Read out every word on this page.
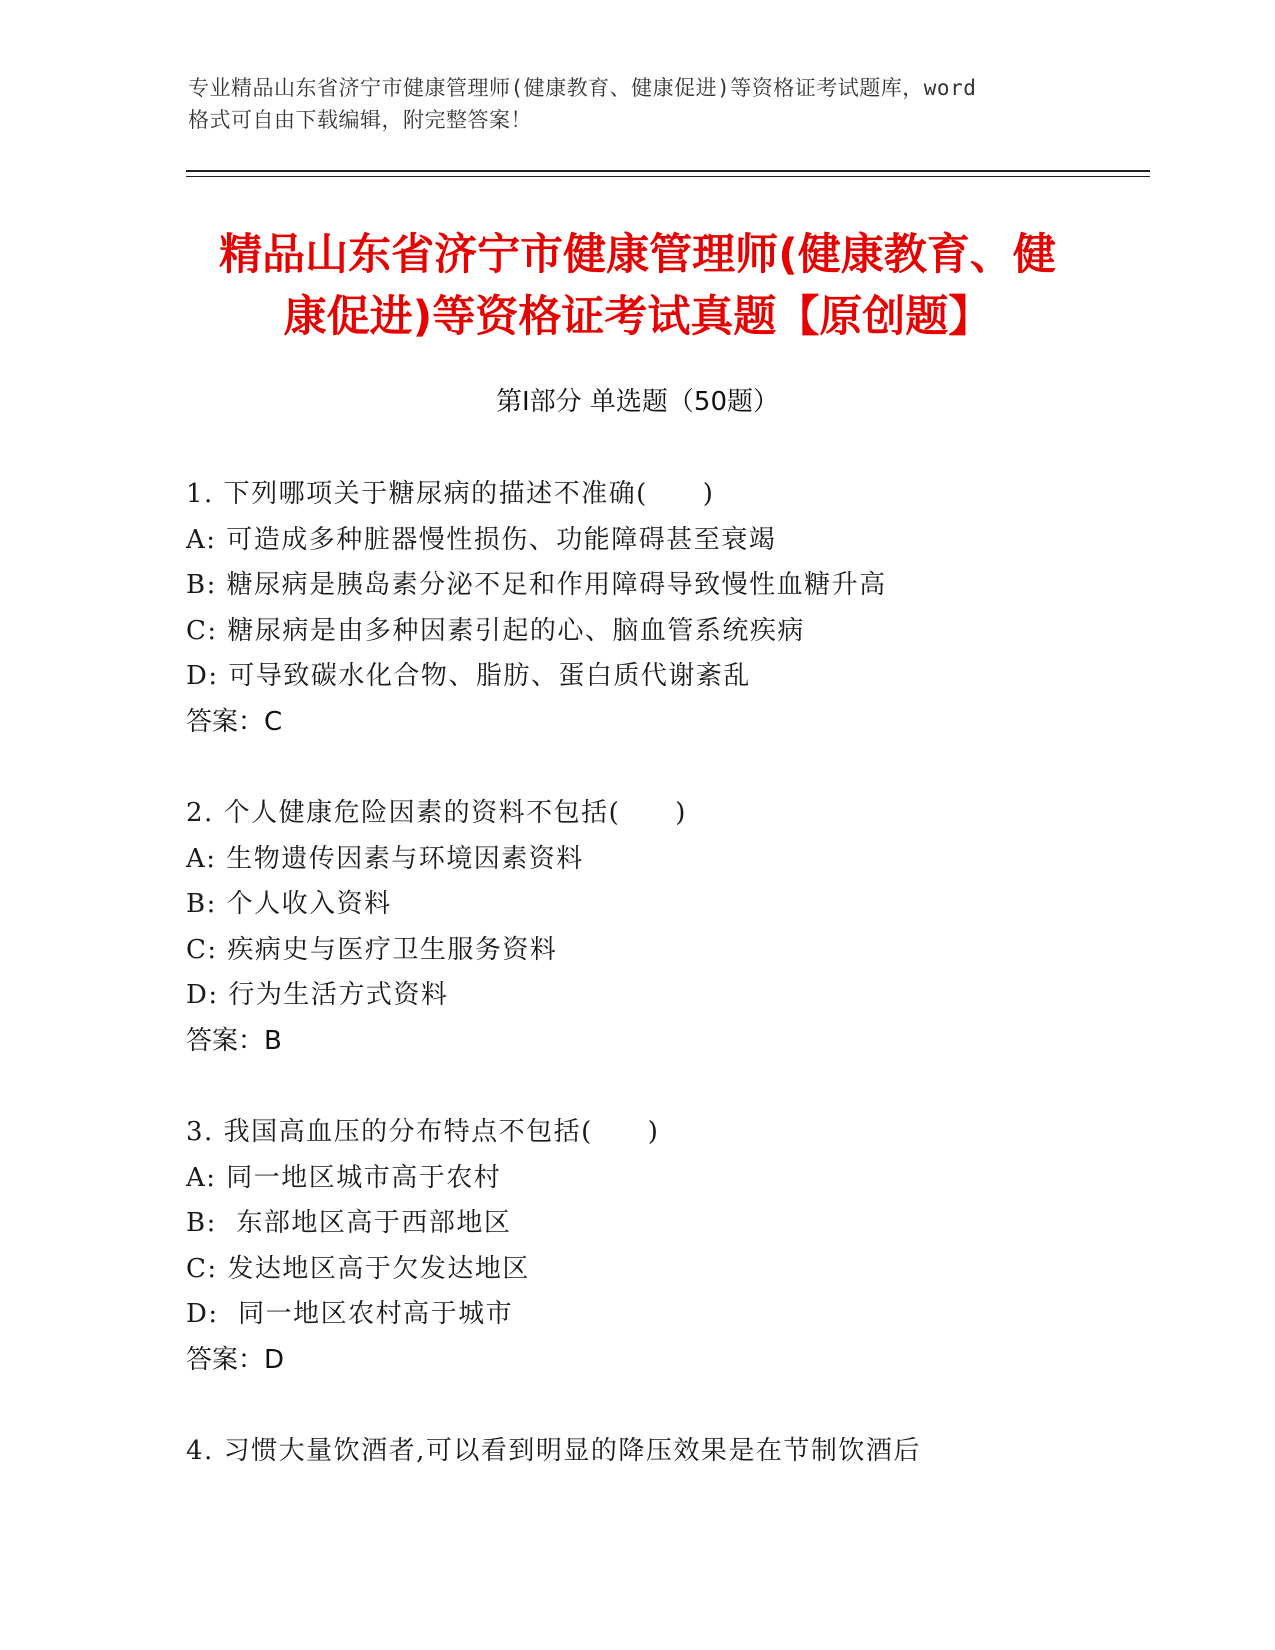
专业精品山东省济宁市健康管理师(健康教育、健康促进)等资格证考试题库，word
格式可自由下载编辑，附完整答案！
精品山东省济宁市健康管理师(健康教育、健
康促进)等资格证考试真题【原创题】
第Ⅰ部分 单选题（50题）
1. 下列哪项关于糖尿病的描述不准确(　　)
A: 可造成多种脏器慢性损伤、功能障碍甚至衰竭
B: 糖尿病是胰岛素分泌不足和作用障碍导致慢性血糖升高
C: 糖尿病是由多种因素引起的心、脑血管系统疾病
D: 可导致碳水化合物、脂肪、蛋白质代谢紊乱
答案：C
2. 个人健康危险因素的资料不包括(　　)
A: 生物遗传因素与环境因素资料
B: 个人收入资料
C: 疾病史与医疗卫生服务资料
D: 行为生活方式资料
答案：B
3. 我国高血压的分布特点不包括(　　)
A: 同一地区城市高于农村
B:  东部地区高于西部地区
C: 发达地区高于欠发达地区
D:  同一地区农村高于城市
答案：D
4. 习惯大量饮酒者,可以看到明显的降压效果是在节制饮酒后
